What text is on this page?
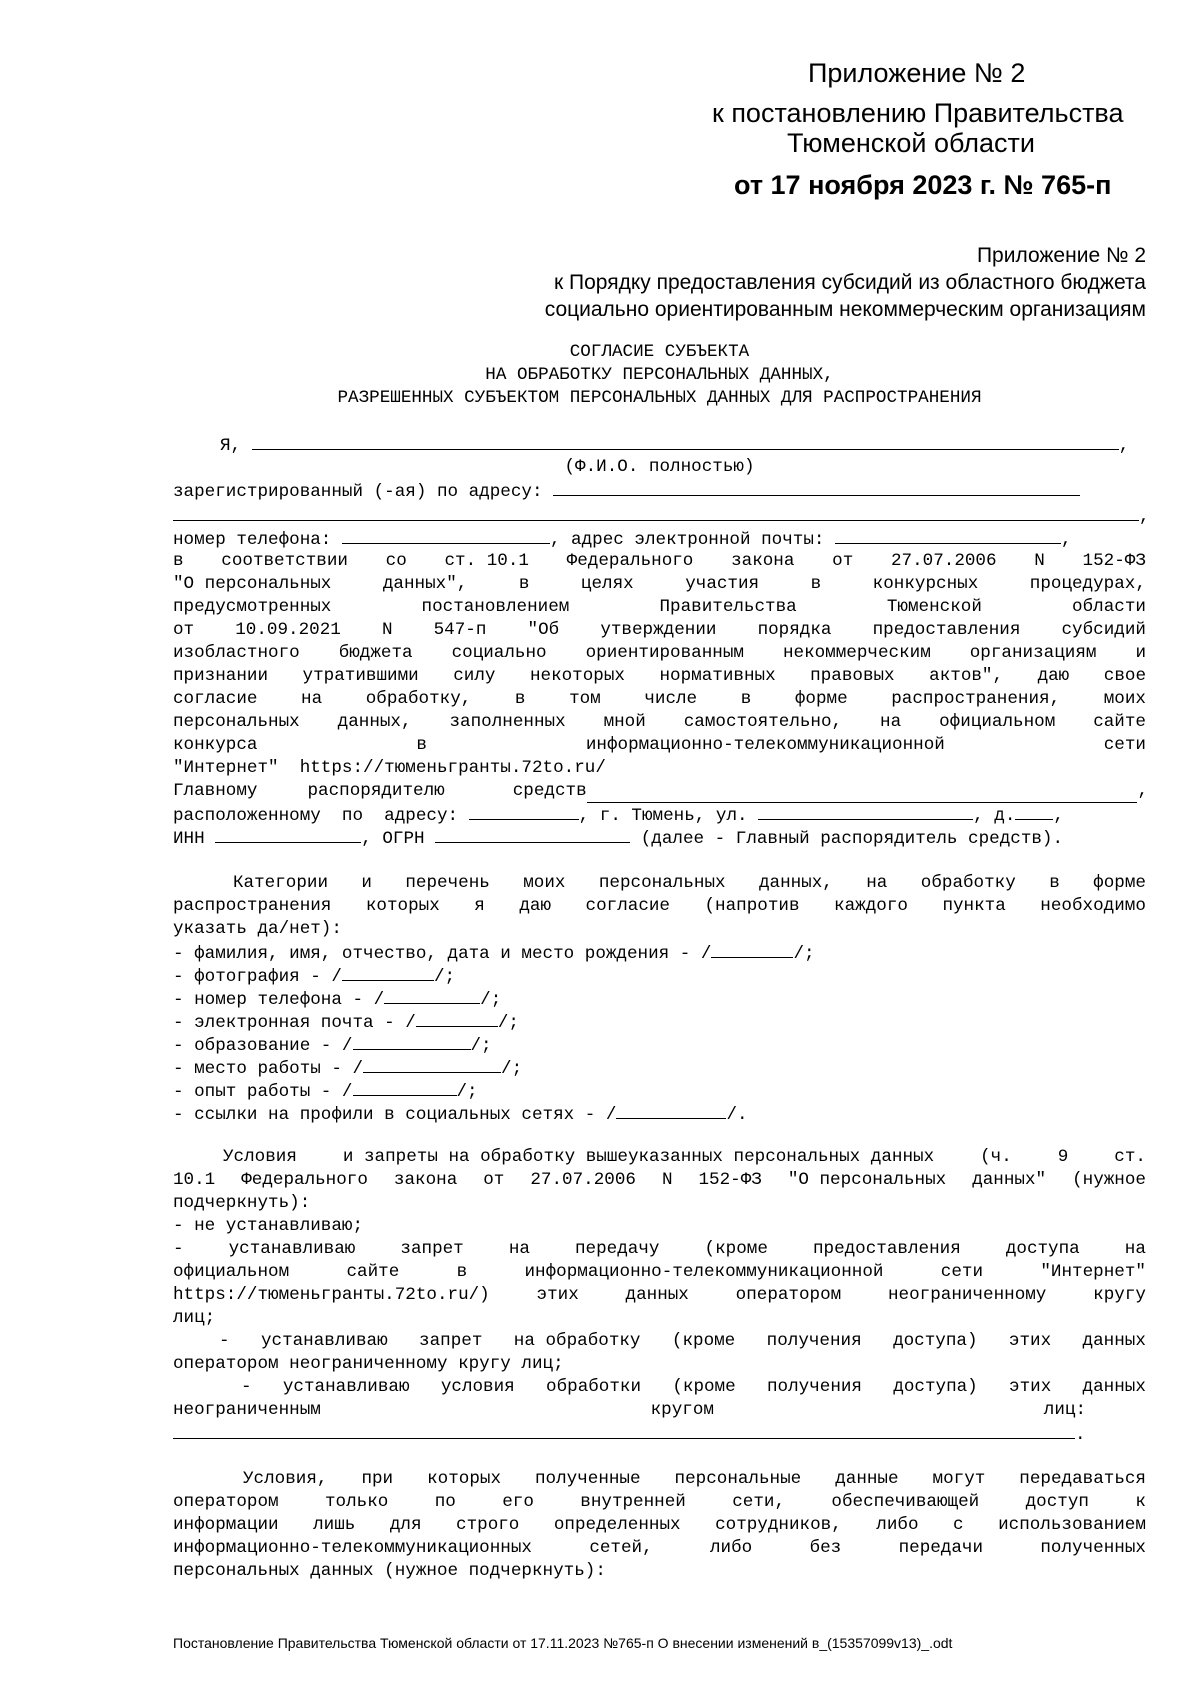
Приложение № 2
к постановлению Правительства
Тюменской области
от 17 ноября 2023 г. № 765-п
Приложение № 2
к Порядку предоставления субсидий из областного бюджета
социально ориентированным некоммерческим организациям
СОГЛАСИЕ СУБЪЕКТА
НА ОБРАБОТКУ ПЕРСОНАЛЬНЫХ ДАННЫХ,
РАЗРЕШЕННЫХ СУБЪЕКТОМ ПЕРСОНАЛЬНЫХ ДАННЫХ ДЛЯ РАСПРОСТРАНЕНИЯ
Я,	,
(Ф.И.О. полностью)
зарегистрированный (-ая) по адресу:
,
номер телефона:	, адрес электронной почты:	,
в соответствии со ст. 10.1 Федерального закона от 27.07.2006 N 152-ФЗ
"О персональных	данных",	в	целях	участия	в	конкурсных	процедурах,
предусмотренных	постановлением	Правительства	Тюменской	области
от 10.09.2021 N 547-п "Об утверждении порядка предоставления субсидий
изобластного бюджета социально ориентированным некоммерческим организациям и
признании утратившими силу некоторых нормативных правовых актов", даю свое
согласие на обработку, в том числе в форме распространения, моих
персональных данных, заполненных мной самостоятельно, на официальном сайте
конкурса	в	информационно-телекоммуникационной	сети
"Интернет"  https://тюменьгранты.72to.ru/
Главному	распорядителю	средств	,
расположенному  по  адресу:	, г. Тюмень, ул.	, д. ,
ИНН	, ОГРН	(далее - Главный распорядитель средств).
Категории и перечень моих персональных данных, на обработку в форме
распространения которых я даю согласие (напротив каждого пункта необходимо
указать да/нет):
- фамилия, имя, отчество, дата и место рождения - /	/;
- фотография - /	/;
- номер телефона - /	/;
- электронная почта - /	/;
- образование - /	/;
- место работы - /	/;
- опыт работы - /	/;
- ссылки на профили в социальных сетях - /	/.
Условия	и запреты на обработку вышеуказанных персональных данных	(ч.	9	ст.
10.1 Федерального закона от 27.07.2006 N 152-ФЗ "О персональных данных" (нужное
подчеркнуть):
- не устанавливаю;
-	устанавливаю	запрет	на	передачу	(кроме	предоставления	доступа	на
официальном	сайте	в	информационно-телекоммуникационной	сети	"Интернет"
https://тюменьгранты.72to.ru/)	этих	данных	оператором	неограниченному	кругу
лиц;
- устанавливаю запрет на обработку (кроме получения доступа) этих данных
оператором неограниченному кругу лиц;
- устанавливаю условия обработки (кроме получения доступа) этих данных
неограниченным	кругом	лиц:
.
Условия, при которых полученные персональные данные могут передаваться
оператором	только	по	его	внутренней	сети,	обеспечивающей	доступ	к
информации лишь для строго определенных сотрудников, либо с использованием
информационно-телекоммуникационных	сетей,	либо	без	передачи	полученных
персональных данных (нужное подчеркнуть):
Постановление Правительства Тюменской области от 17.11.2023 №765-п О внесении изменений в_(15357099v13)_.odt
